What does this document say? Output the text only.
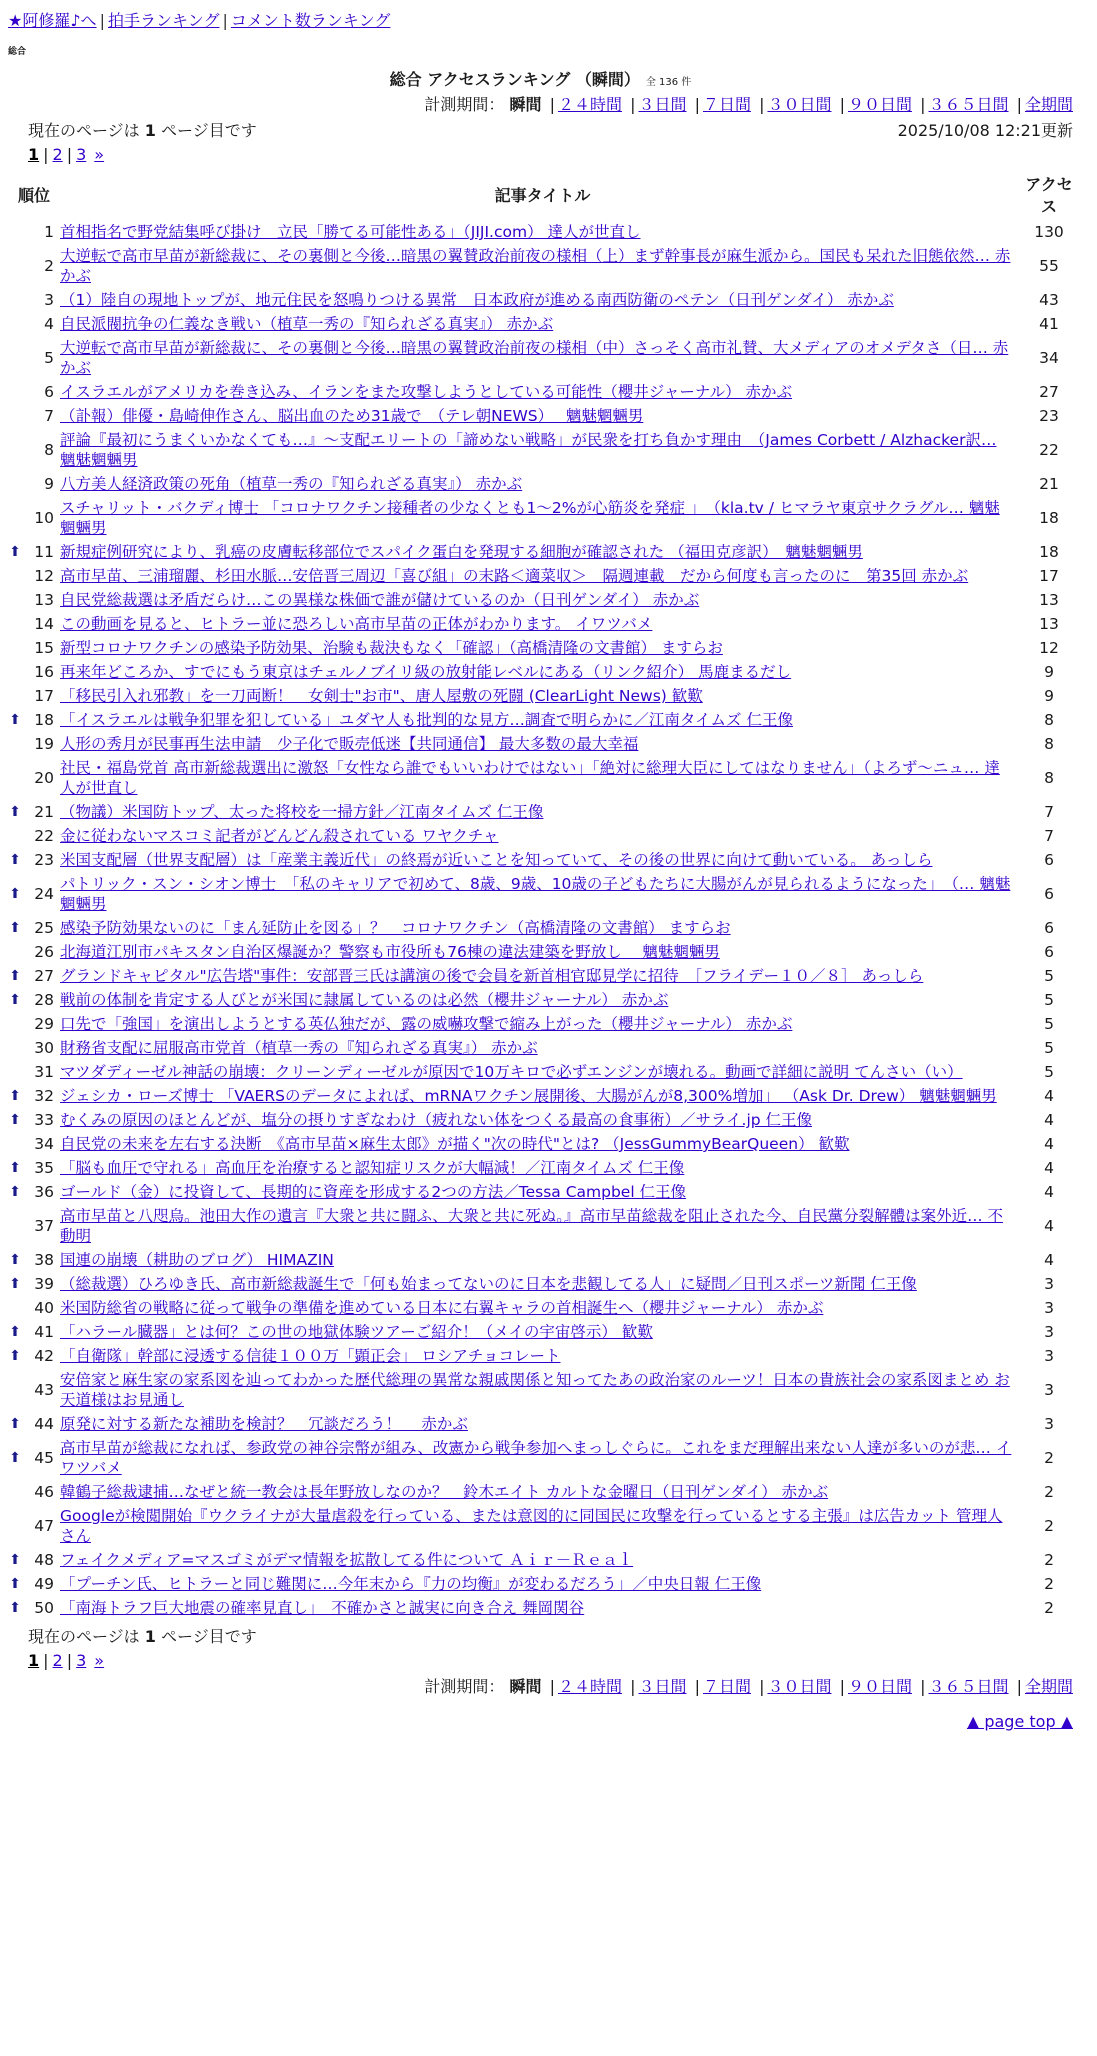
★阿修羅♪へ | 拍手ランキング | コメント数ランキング
総合
総合 アクセスランキング （瞬間） 全 136 件
計測期間： 瞬間 | ２４時間 | ３日間 | ７日間 | ３０日間 | ９０日間 | ３６５日間 | 全期間
現在のページは 1 ページ目です	2025/10/08 12:21更新
1 | 2 | 3 »
順位		記事タイトル	アクセス
	1	首相指名で野党結集呼び掛け　立民「勝てる可能性ある」（JIJI.com） 達人が世直し	130
	2	大逆転で高市早苗が新総裁に、その裏側と今後…暗黒の翼賛政治前夜の様相（上）まず幹事長が麻生派から。国民も呆れた旧態依然… 赤かぶ	55
	3	（1）陸自の現地トップが、地元住民を怒鳴りつける異常　日本政府が進める南西防衛のペテン（日刊ゲンダイ） 赤かぶ	43
	4	自民派閥抗争の仁義なき戦い（植草一秀の『知られざる真実』） 赤かぶ	41
	5	大逆転で高市早苗が新総裁に、その裏側と今後…暗黒の翼賛政治前夜の様相（中）さっそく高市礼賛、大メディアのオメデタさ（日… 赤かぶ	34
	6	イスラエルがアメリカを巻き込み、イランをまた攻撃しようとしている可能性（櫻井ジャーナル） 赤かぶ	27
	7	（訃報）俳優・島崎伸作さん、脳出血のため31歳で　（テレ朝NEWS）　 魑魅魍魎男	23
	8	評論『最初にうまくいかなくても…』～支配エリートの「諦めない戦略」が民衆を打ち負かす理由　（James Corbett / Alzhacker訳… 魑魅魍魎男	22
	9	八方美人経済政策の死角（植草一秀の『知られざる真実』） 赤かぶ	21
	10	スチャリット・バクディ博士 「コロナワクチン接種者の少なくとも1～2%が心筋炎を発症 」　（kla.tv / ヒマラヤ東京サクラグル… 魑魅魍魎男	18
⬆	11	新規症例研究により、乳癌の皮膚転移部位でスパイク蛋白を発現する細胞が確認された （福田克彦訳）　魑魅魍魎男	18
	12	高市早苗、三浦瑠麗、杉田水脈…安倍晋三周辺「喜び組」の末路＜適菜収＞　隔週連載　だから何度も言ったのに　第35回 赤かぶ	17
	13	自民党総裁選は矛盾だらけ…この異様な株価で誰が儲けているのか（日刊ゲンダイ） 赤かぶ	13
	14	この動画を見ると、ヒトラー並に恐ろしい高市早苗の正体がわかります。 イワツバメ	13
	15	新型コロナワクチンの感染予防効果、治験も裁決もなく「確認」（高橋清隆の文書館） ますらお	12
	16	再来年どころか、すでにもう東京はチェルノブイリ級の放射能レベルにある（リンク紹介） 馬鹿まるだし	9
	17	「移民引入れ邪教」を一刀両断！　女剣士"お市"、唐人屋敷の死闘 (ClearLight News) 歓歎	9
⬆	18	「イスラエルは戦争犯罪を犯している」ユダヤ人も批判的な見方…調査で明らかに／江南タイムズ 仁王像	8
	19	人形の秀月が民事再生法申請　少子化で販売低迷【共同通信】 最大多数の最大幸福	8
	20	社民・福島党首 高市新総裁選出に激怒「女性なら誰でもいいわけではない」「絶対に総理大臣にしてはなりません」（よろず～ニュ… 達人が世直し	8
⬆	21	（物議）米国防トップ、太った将校を一掃方針／江南タイムズ 仁王像	7
	22	金に従わないマスコミ記者がどんどん殺されている ワヤクチャ	7
⬆	23	米国支配層（世界支配層）は「産業主義近代」の終焉が近いことを知っていて、その後の世界に向けて動いている。 あっしら	6
⬆	24	パトリック・スン・シオン博士　「私のキャリアで初めて、8歳、9歳、10歳の子どもたちに大腸がんが見られるようになった」　（… 魑魅魍魎男	6
⬆	25	感染予防効果ないのに「まん延防止を図る」？　コロナワクチン（高橋清隆の文書館） ますらお	6
	26	北海道江別市パキスタン自治区爆誕か？警察も市役所も76棟の違法建築を野放し　 魑魅魍魎男	6
⬆	27	グランドキャピタル"広告塔"事件：安部晋三氏は講演の後で会員を新首相官邸見学に招待　［フライデー１０／８］ あっしら	5
⬆	28	戦前の体制を肯定する人びとが米国に隷属しているのは必然（櫻井ジャーナル） 赤かぶ	5
	29	口先で「強国」を演出しようとする英仏独だが、露の威嚇攻撃で縮み上がった（櫻井ジャーナル） 赤かぶ	5
	30	財務省支配に屈服高市党首（植草一秀の『知られざる真実』） 赤かぶ	5
	31	マツダディーゼル神話の崩壊：クリーンディーゼルが原因で10万キロで必ずエンジンが壊れる。動画で詳細に説明 てんさい（い）	5
⬆	32	ジェシカ・ローズ博士 「VAERSのデータによれば、mRNAワクチン展開後、大腸がんが8,300%増加」 （Ask Dr. Drew） 魑魅魍魎男	4
⬆	33	むくみの原因のほとんどが、塩分の摂りすぎなわけ（疲れない体をつくる最高の食事術）／サライ.jp 仁王像	4
	34	自民党の未来を左右する決断　《高市早苗×麻生太郎》が描く"次の時代"とは? （JessGummyBearQueen） 歓歎	4
⬆	35	「脳も血圧で守れる」高血圧を治療すると認知症リスクが大幅減！／江南タイムズ 仁王像	4
⬆	36	ゴールド（金）に投資して、長期的に資産を形成する2つの方法／Tessa Campbel 仁王像	4
	37	高市早苗と八咫烏。池田大作の遺言『大衆と共に闘ふ、大衆と共に死ぬ。』高市早苗総裁を阻止された今、自民黨分裂解體は案外近… 不動明	4
⬆	38	国連の崩壊（耕助のブログ） HIMAZIN	4
⬆	39	（総裁選）ひろゆき氏、高市新総裁誕生で「何も始まってないのに日本を悲観してる人」に疑問／日刊スポーツ新聞 仁王像	3
	40	米国防総省の戦略に従って戦争の準備を進めている日本に右翼キャラの首相誕生へ（櫻井ジャーナル） 赤かぶ	3
⬆	41	「ハラール臓器」とは何？この世の地獄体験ツアーご紹介！（メイの宇宙啓示） 歓歎	3
⬆	42	「自衛隊」幹部に浸透する信徒１００万「顕正会」 ロシアチョコレート	3
	43	安倍家と麻生家の家系図を辿ってわかった歴代総理の異常な親戚関係と知ってたあの政治家のルーツ！日本の貴族社会の家系図まとめ お天道様はお見通し	3
⬆	44	原発に対する新たな補助を検討？　冗談だろう！　 赤かぶ	3
⬆	45	高市早苗が総裁になれば、参政党の神谷宗幣が組み、改憲から戦争参加へまっしぐらに。これをまだ理解出来ない人達が多いのが悲… イワツバメ	2
	46	韓鶴子総裁逮捕…なぜと統一教会は長年野放しなのか？　鈴木エイト カルトな金曜日（日刊ゲンダイ） 赤かぶ	2
	47	Googleが検閲開始『ウクライナが大量虐殺を行っている、または意図的に同国民に攻撃を行っているとする主張』は広告カット 管理人さん	2
⬆	48	フェイクメディア=マスゴミがデマ情報を拡散してる件について Ａｉｒ－Ｒｅａｌ	2
⬆	49	「プーチン氏、ヒトラーと同じ難関に…今年末から『力の均衡』が変わるだろう」／中央日報 仁王像	2
⬆	50	「南海トラフ巨大地震の確率見直し」　不確かさと誠実に向き合え 舞岡関谷	2
現在のページは 1 ページ目です
1 | 2 | 3 »
計測期間： 瞬間 | ２４時間 | ３日間 | ７日間 | ３０日間 | ９０日間 | ３６５日間 | 全期間
▲ page top ▲
